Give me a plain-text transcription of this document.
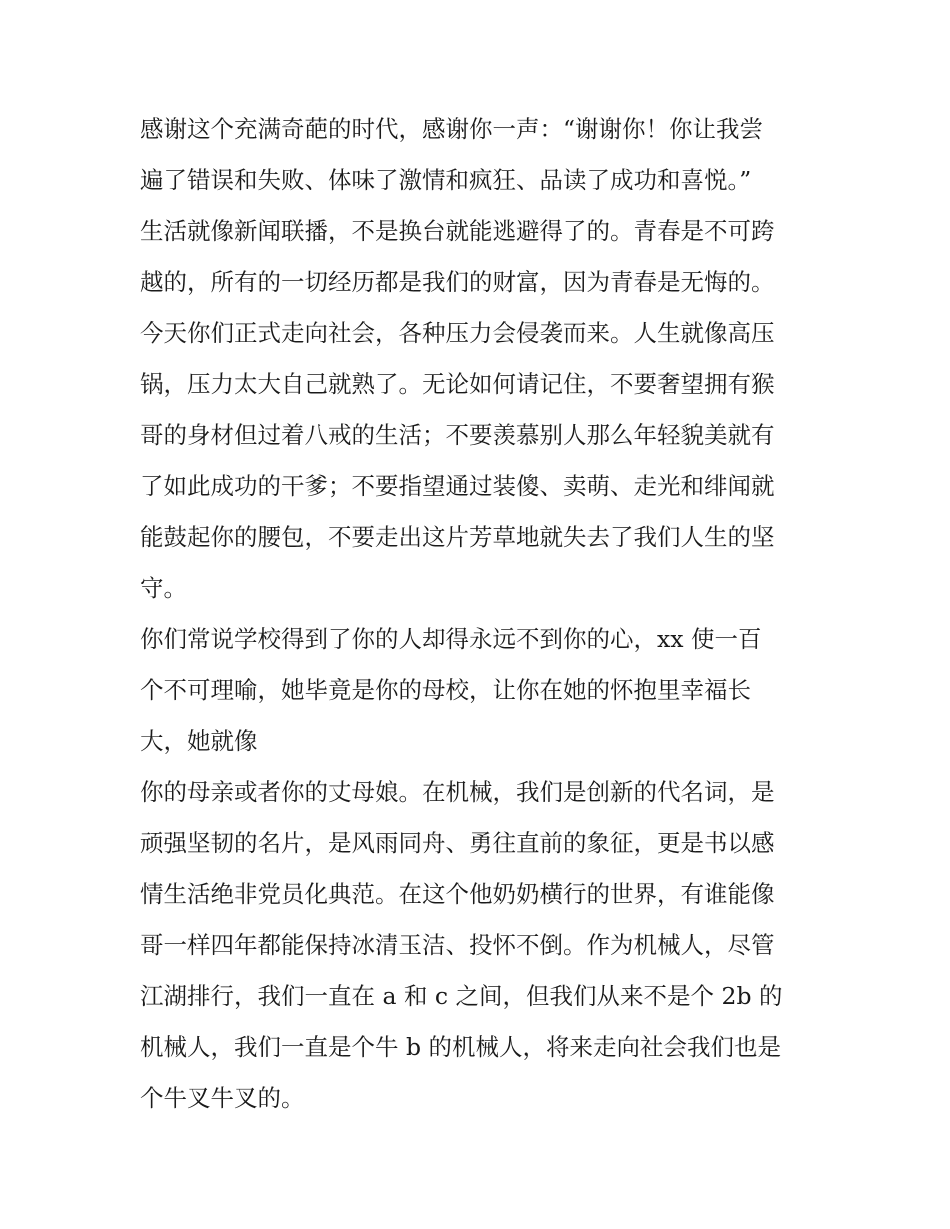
感谢这个充满奇葩的时代，感谢你一声：“谢谢你！你让我尝
遍了错误和失败、体味了激情和疯狂、品读了成功和喜悦。”
生活就像新闻联播，不是换台就能逃避得了的。青春是不可跨
越的，所有的一切经历都是我们的财富，因为青春是无悔的。
今天你们正式走向社会，各种压力会侵袭而来。人生就像高压
锅，压力太大自己就熟了。无论如何请记住，不要奢望拥有猴
哥的身材但过着八戒的生活；不要羡慕别人那么年轻貌美就有
了如此成功的干爹；不要指望通过装傻、卖萌、走光和绯闻就
能鼓起你的腰包，不要走出这片芳草地就失去了我们人生的坚
守。
你们常说学校得到了你的人却得永远不到你的心，xx 使一百
个不可理喻，她毕竟是你的母校，让你在她的怀抱里幸福长
大，她就像
你的母亲或者你的丈母娘。在机械，我们是创新的代名词，是
顽强坚韧的名片，是风雨同舟、勇往直前的象征，更是书以感
情生活绝非党员化典范。在这个他奶奶横行的世界，有谁能像
哥一样四年都能保持冰清玉洁、投怀不倒。作为机械人，尽管
江湖排行，我们一直在 a 和 c 之间，但我们从来不是个 2b 的
机械人，我们一直是个牛 b 的机械人，将来走向社会我们也是
个牛叉牛叉的。
